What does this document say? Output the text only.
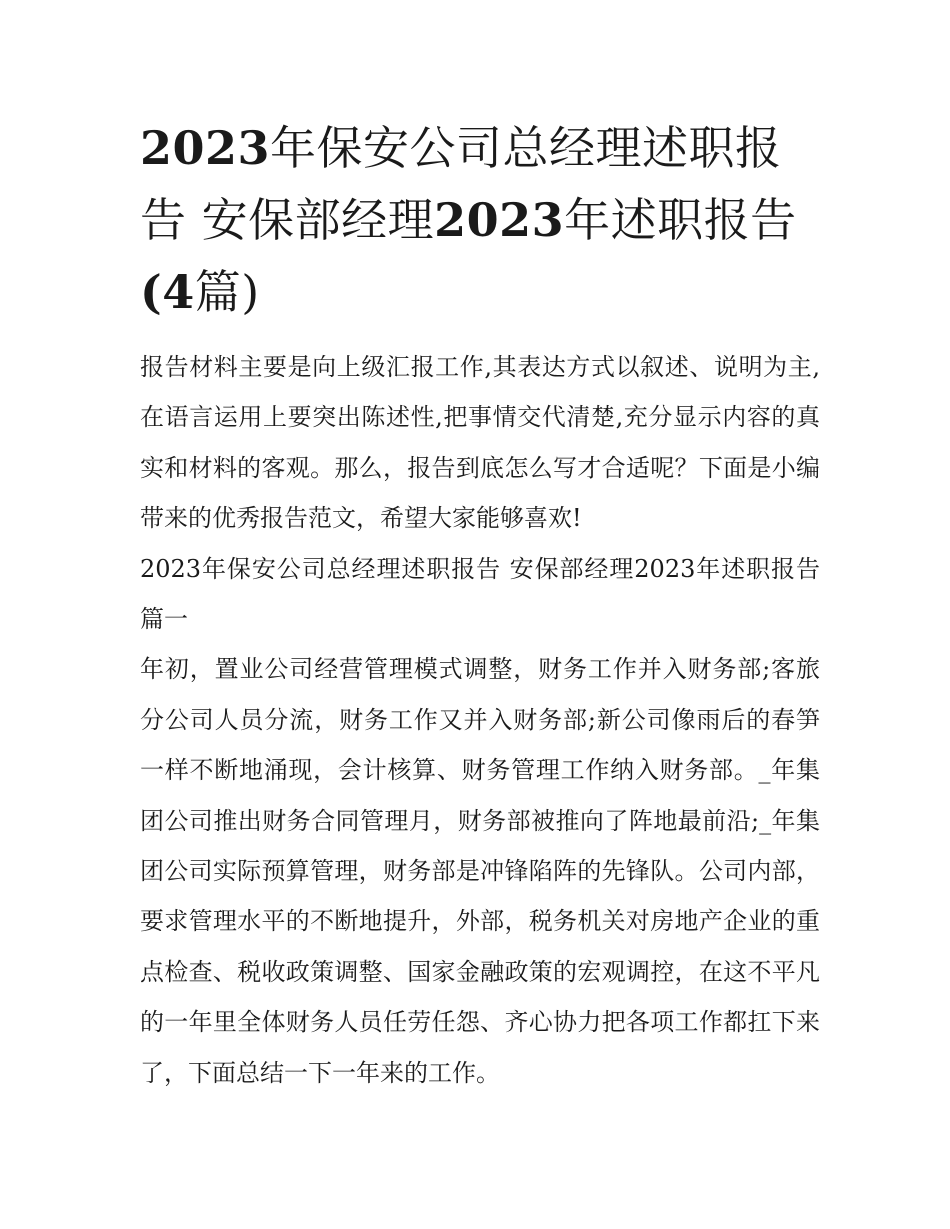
2023年保安公司总经理述职报告 安保部经理2023年述职报告(4篇)

报告材料主要是向上级汇报工作,其表达方式以叙述、说明为主,在语言运用上要突出陈述性,把事情交代清楚,充分显示内容的真实和材料的客观。那么，报告到底怎么写才合适呢？下面是小编带来的优秀报告范文，希望大家能够喜欢!

2023年保安公司总经理述职报告 安保部经理2023年述职报告篇一

年初，置业公司经营管理模式调整，财务工作并入财务部;客旅分公司人员分流，财务工作又并入财务部;新公司像雨后的春笋一样不断地涌现，会计核算、财务管理工作纳入财务部。_年集团公司推出财务合同管理月，财务部被推向了阵地最前沿;_年集团公司实际预算管理，财务部是冲锋陷阵的先锋队。公司内部，要求管理水平的不断地提升，外部，税务机关对房地产企业的重点检查、税收政策调整、国家金融政策的宏观调控，在这不平凡的一年里全体财务人员任劳任怨、齐心协力把各项工作都扛下来了，下面总结一下一年来的工作。
